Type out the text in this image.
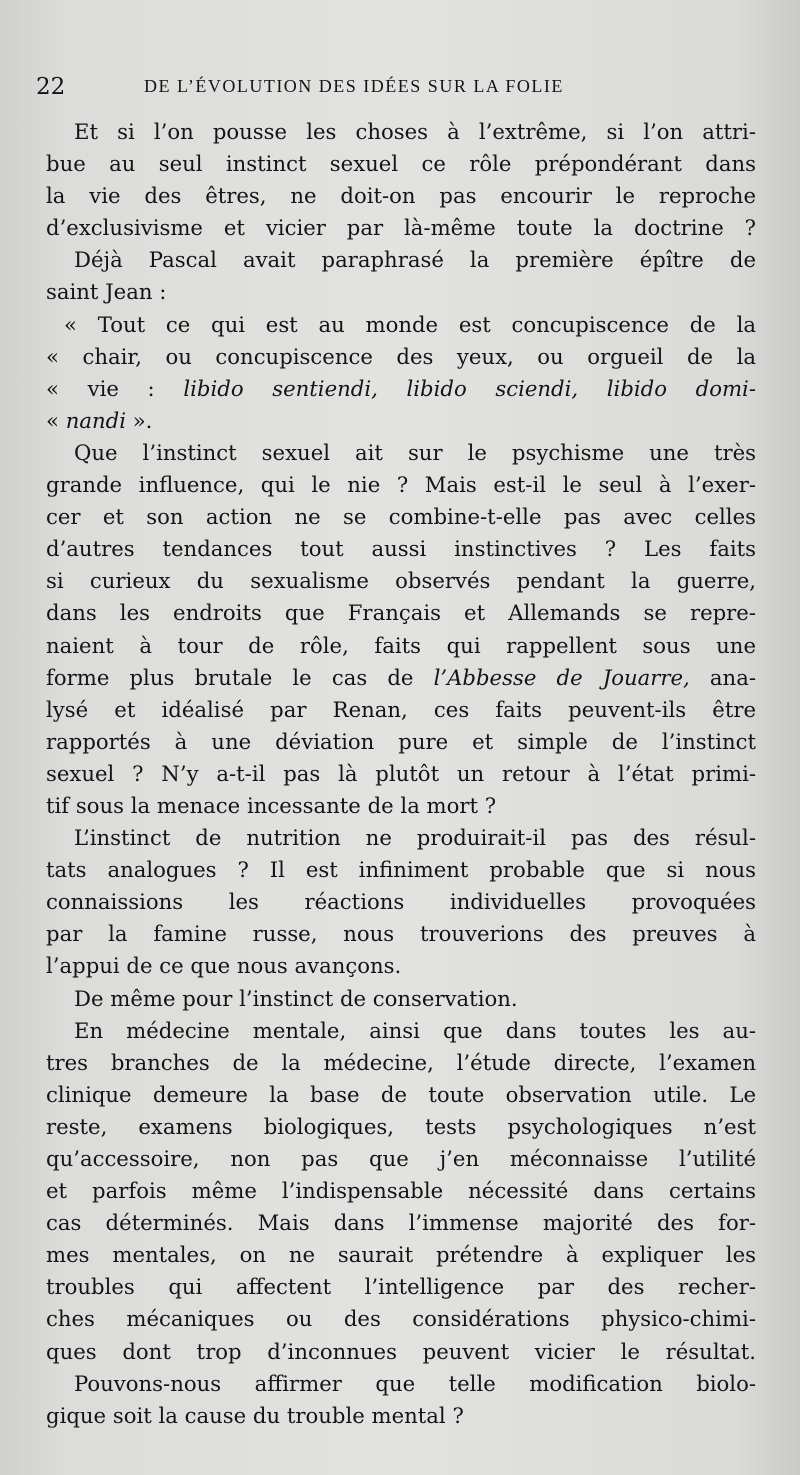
22	DE L’ÉVOLUTION DES IDÉES SUR LA FOLIE
Et si l’on pousse les choses à l’extrême, si l’on attri-
bue au seul instinct sexuel ce rôle prépondérant dans
la vie des êtres, ne doit-on pas encourir le reproche
d’exclusivisme et vicier par là-même toute la doctrine ?
Déjà Pascal avait paraphrasé la première épître de
saint Jean :
« Tout ce qui est au monde est concupiscence de la
« chair, ou concupiscence des yeux, ou orgueil de la
« vie : libido sentiendi, libido sciendi, libido domi-
« nandi ».
Que l’instinct sexuel ait sur le psychisme une très
grande influence, qui le nie ? Mais est-il le seul à l’exer-
cer et son action ne se combine-t-elle pas avec celles
d’autres tendances tout aussi instinctives ? Les faits
si curieux du sexualisme observés pendant la guerre,
dans les endroits que Français et Allemands se repre-
naient à tour de rôle, faits qui rappellent sous une
forme plus brutale le cas de l’Abbesse de Jouarre, ana-
lysé et idéalisé par Renan, ces faits peuvent-ils être
rapportés à une déviation pure et simple de l’instinct
sexuel ? N’y a-t-il pas là plutôt un retour à l’état primi-
tif sous la menace incessante de la mort ?
L’instinct de nutrition ne produirait-il pas des résul-
tats analogues ? Il est infiniment probable que si nous
connaissions les réactions individuelles provoquées
par la famine russe, nous trouverions des preuves à
l’appui de ce que nous avançons.
De même pour l’instinct de conservation.
En médecine mentale, ainsi que dans toutes les au-
tres branches de la médecine, l’étude directe, l’examen
clinique demeure la base de toute observation utile. Le
reste, examens biologiques, tests psychologiques n’est
qu’accessoire, non pas que j’en méconnaisse l’utilité
et parfois même l’indispensable nécessité dans certains
cas déterminés. Mais dans l’immense majorité des for-
mes mentales, on ne saurait prétendre à expliquer les
troubles qui affectent l’intelligence par des recher-
ches mécaniques ou des considérations physico-chimi-
ques dont trop d’inconnues peuvent vicier le résultat.
Pouvons-nous affirmer que telle modification biolo-
gique soit la cause du trouble mental ?
